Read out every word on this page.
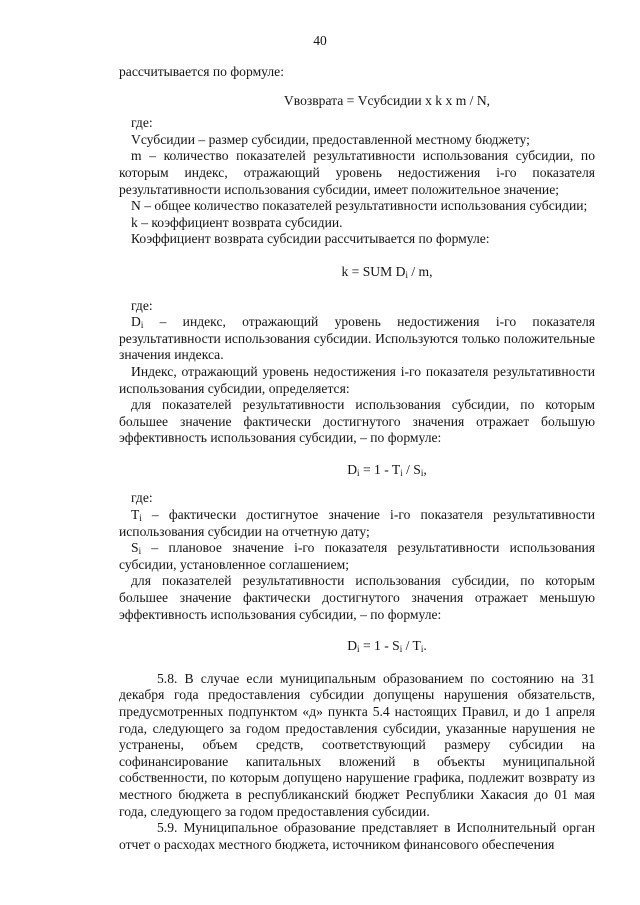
40

рассчитывается по формуле:

Vвозврата = Vсубсидии x k x m / N,

где:

Vсубсидии – размер субсидии, предоставленной местному бюджету;

m – количество показателей результативности использования субсидии, по которым индекс, отражающий уровень недостижения i-го показателя результативности использования субсидии, имеет положительное значение;

N – общее количество показателей результативности использования субсидии;

k – коэффициент возврата субсидии.

Коэффициент возврата субсидии рассчитывается по формуле:

k = SUM $D_i$ / m,

где:

$D_i$ – индекс, отражающий уровень недостижения i-го показателя результативности использования субсидии. Используются только положительные значения индекса.

Индекс, отражающий уровень недостижения i-го показателя результативности использования субсидии, определяется:

для показателей результативности использования субсидии, по которым большее значение фактически достигнутого значения отражает большую эффективность использования субсидии, – по формуле:

$D_i = 1 - T_i / S_i$,

где:

$T_i$ – фактически достигнутое значение i-го показателя результативности использования субсидии на отчетную дату;

$S_i$ – плановое значение i-го показателя результативности использования субсидии, установленное соглашением;

для показателей результативности использования субсидии, по которым большее значение фактически достигнутого значения отражает меньшую эффективность использования субсидии, – по формуле:

$D_i = 1 - S_i / T_i$.

5.8. В случае если муниципальным образованием по состоянию на 31 декабря года предоставления субсидии допущены нарушения обязательств, предусмотренных подпунктом «д» пункта 5.4 настоящих Правил, и до 1 апреля года, следующего за годом предоставления субсидии, указанные нарушения не устранены, объем средств, соответствующий размеру субсидии на софинансирование капитальных вложений в объекты муниципальной собственности, по которым допущено нарушение графика, подлежит возврату из местного бюджета в республиканский бюджет Республики Хакасия до 01 мая года, следующего за годом предоставления субсидии.

5.9. Муниципальное образование представляет в Исполнительный орган отчет о расходах местного бюджета, источником финансового обеспечения
